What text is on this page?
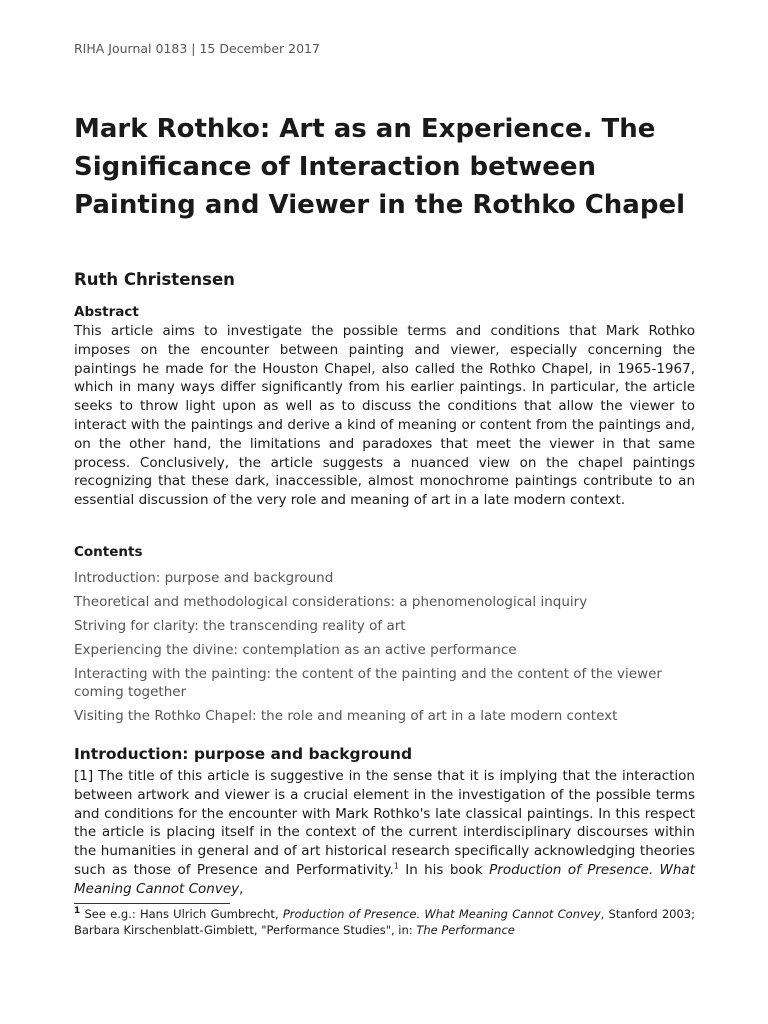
RIHA Journal 0183 | 15 December 2017
Mark Rothko: Art as an Experience. The Significance of Interaction between Painting and Viewer in the Rothko Chapel
Ruth Christensen
Abstract

This article aims to investigate the possible terms and conditions that Mark Rothko imposes on the encounter between painting and viewer, especially concerning the paintings he made for the Houston Chapel, also called the Rothko Chapel, in 1965-1967, which in many ways differ significantly from his earlier paintings. In particular, the article seeks to throw light upon as well as to discuss the conditions that allow the viewer to interact with the paintings and derive a kind of meaning or content from the paintings and, on the other hand, the limitations and paradoxes that meet the viewer in that same process. Conclusively, the article suggests a nuanced view on the chapel paintings recognizing that these dark, inaccessible, almost monochrome paintings contribute to an essential discussion of the very role and meaning of art in a late modern context.

Contents
Introduction: purpose and background
Theoretical and methodological considerations: a phenomenological inquiry
Striving for clarity: the transcending reality of art
Experiencing the divine: contemplation as an active performance
Interacting with the painting: the content of the painting and the content of the viewer coming together
Visiting the Rothko Chapel: the role and meaning of art in a late modern context
Introduction: purpose and background

[1] The title of this article is suggestive in the sense that it is implying that the interaction between artwork and viewer is a crucial element in the investigation of the possible terms and conditions for the encounter with Mark Rothko's late classical paintings. In this respect the article is placing itself in the context of the current interdisciplinary discourses within the humanities in general and of art historical research specifically acknowledging theories such as those of Presence and Performativity.$^1$ In his book Production of Presence. What Meaning Cannot Convey,

$^1$ See e.g.: Hans Ulrich Gumbrecht, Production of Presence. What Meaning Cannot Convey, Stanford 2003; Barbara Kirschenblatt-Gimblett, "Performance Studies", in: The Performance
